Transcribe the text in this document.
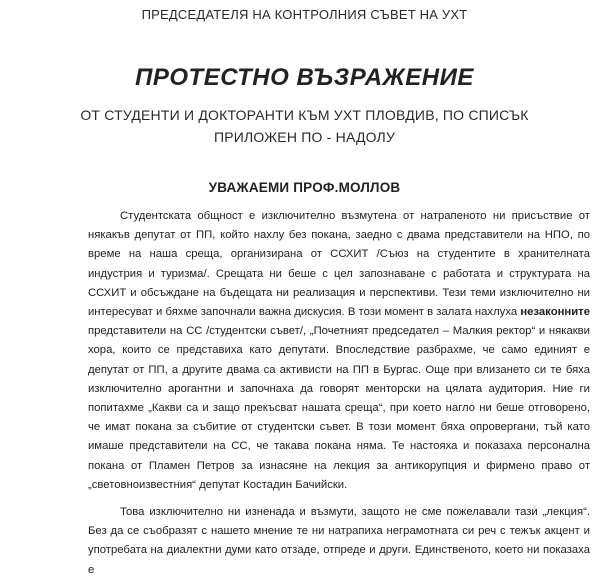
ПРЕДСЕДАТЕЛЯ НА КОНТРОЛНИЯ СЪВЕТ НА УХТ
ПРОТЕСТНО ВЪЗРАЖЕНИЕ
ОТ СТУДЕНТИ И ДОКТОРАНТИ КЪМ УХТ ПЛОВДИВ, ПО СПИСЪК ПРИЛОЖЕН ПО - НАДОЛУ
УВАЖАЕМИ ПРОФ.МОЛЛОВ

Студентската общност е изключително възмутена от натрапеното ни присъствие от някакъв депутат от ПП, който нахлу без покана, заедно с двама представители на НПО, по време на наша среща, организирана от ССХИТ /Съюз на студентите в хранителната индустрия и туризма/. Срещата ни беше с цел запознаване с работата и структурата на ССХИТ и обсъждане на бъдещата ни реализация и перспективи. Тези теми изключително ни интересуват и бяхме започнали важна дискусия. В този момент в залата нахлуха незаконните представители на СС /студентски съвет/, „Почетният председател – Малкия ректор“ и някакви хора, които се представиха като депутати. Впоследствие разбрахме, че само единият е депутат от ПП, а другите двама са активисти на ПП в Бургас. Още при влизането си те бяха изключително арогантни и започнаха да говорят менторски на цялата аудитория. Ние ги попитахме „Какви са и защо прекъсват нашата среща“, при което нагло ни беше отговорено, че имат покана за събитие от студентски съвет. В този момент бяха опровергани, тъй като имаше представители на СС, че такава покана няма. Те настояха и показаха персонална покана от Пламен Петров за изнасяне на лекция за антикорупция и фирмено право от „световноизвестния“ депутат Костадин Бачийски.

Това изключително ни изненада и възмути, защото не сме пожелавали тази „лекция“. Без да се съобразят с нашето мнение те ни натрапиха неграмотната си реч с тежък акцент и употребата на диалектни думи като отзаде, отпреде и други. Единственото, което ни показаха е
